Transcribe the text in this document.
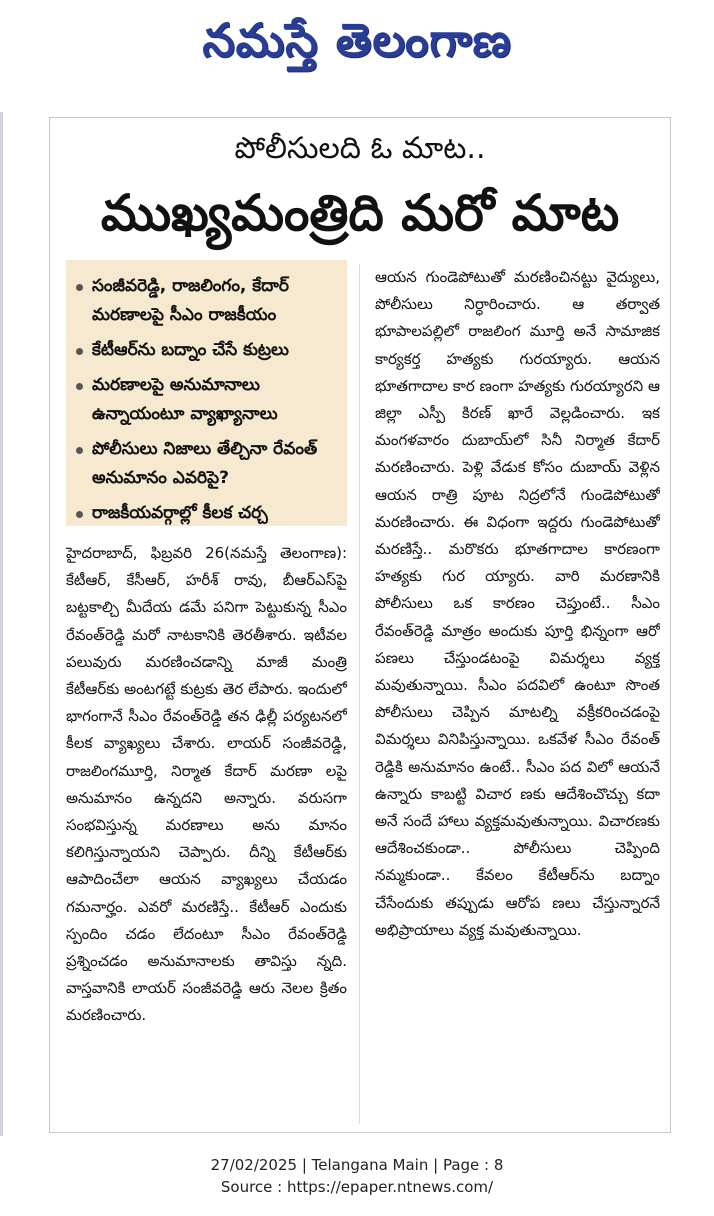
నమస్తే తెలంగాణ
పోలీసులది ఓ మాట..
ముఖ్యమంత్రిది మరో మాట
సంజీవరెడ్డి, రాజలింగం, కేదార్ మరణాలపై సీఎం రాజకీయం
కేటీఆర్‌ను బద్నాం చేసే కుట్రలు
మరణాలపై అనుమానాలు ఉన్నాయంటూ వ్యాఖ్యానాలు
పోలీసులు నిజాలు తేల్చినా రేవంత్ అనుమానం ఎవరిపై?
రాజకీయవర్గాల్లో కీలక చర్చ
హైదరాబాద్, ఫిబ్రవరి 26(నమస్తే తెలంగాణ): కేటీఆర్, కేసీఆర్, హరీశ్ రావు, బీఆర్ఎస్‌పై బట్టకాల్చి మీదేయ డమే పనిగా పెట్టుకున్న సీఎం రేవంత్‌రెడ్డి మరో నాటకానికి తెరతీశారు. ఇటీవల పలువురు మరణించడాన్ని మాజీ మంత్రి కేటీఆర్‌కు అంటగట్టే కుట్రకు తెర లేపారు. ఇందులో భాగంగానే సీఎం రేవంత్‌రెడ్డి తన ఢిల్లీ పర్యటనలో కీలక వ్యాఖ్యలు చేశారు. లాయర్ సంజీవరెడ్డి, రాజలింగమూర్తి, నిర్మాత కేదార్ మరణా లపై అనుమానం ఉన్నదని అన్నారు. వరుసగా సంభవిస్తున్న మరణాలు అను మానం కలిగిస్తున్నాయని చెప్పారు. దీన్ని కేటీఆర్‌కు ఆపాదించేలా ఆయన వ్యాఖ్యలు చేయడం గమనార్హం. ఎవరో మరణిస్తే.. కేటీఆర్ ఎందుకు స్పందిం చడం లేదంటూ సీఎం రేవంత్‌రెడ్డి ప్రశ్నించడం అనుమానాలకు తావిస్తు న్నది. వాస్తవానికి లాయర్ సంజీవరెడ్డి ఆరు నెలల క్రితం మరణించారు.
ఆయన గుండెపోటుతో మరణించినట్టు వైద్యులు, పోలీసులు నిర్ధారించారు. ఆ తర్వాత భూపాలపల్లిలో రాజలింగ మూర్తి అనే సామాజిక కార్యకర్త హత్యకు గురయ్యారు. ఆయన భూతగాదాల కార ణంగా హత్యకు గురయ్యారని ఆ జిల్లా ఎస్పీ కిరణ్ ఖారే వెల్లడించారు. ఇక మంగళవారం దుబాయ్‌లో సినీ నిర్మాత కేదార్ మరణించారు. పెళ్లి వేడుక కోసం దుబాయ్ వెళ్లిన ఆయన రాత్రి పూట నిద్రలోనే గుండెపోటుతో మరణించారు. ఈ విధంగా ఇద్దరు గుండెపోటుతో మరణిస్తే.. మరొకరు భూతగాదాల కారణంగా హత్యకు గుర య్యారు. వారి మరణానికి పోలీసులు ఒక కారణం చెప్తుంటే.. సీఎం రేవంత్‌రెడ్డి మాత్రం అందుకు పూర్తి భిన్నంగా ఆరో పణలు చేస్తుండటంపై విమర్శలు వ్యక్త మవుతున్నాయి. సీఎం పదవిలో ఉంటూ సొంత పోలీసులు చెప్పిన మాటల్ని వక్రీకరించడంపై విమర్శలు వినిపిస్తున్నాయి. ఒకవేళ సీఎం రేవంత్ రెడ్డికి అనుమానం ఉంటే.. సీఎం పద విలో ఆయనే ఉన్నారు కాబట్టి విచార ణకు ఆదేశించొచ్చు కదా అనే సందే హాలు వ్యక్తమవుతున్నాయి. విచారణకు ఆదేశించకుండా.. పోలీసులు చెప్పింది నమ్మకుండా.. కేవలం కేటీఆర్‌ను బద్నాం చేసేందుకు తప్పుడు ఆరోప ణలు చేస్తున్నారనే అభిప్రాయాలు వ్యక్త మవుతున్నాయి.
27/02/2025 | Telangana Main | Page : 8
Source : https://epaper.ntnews.com/
